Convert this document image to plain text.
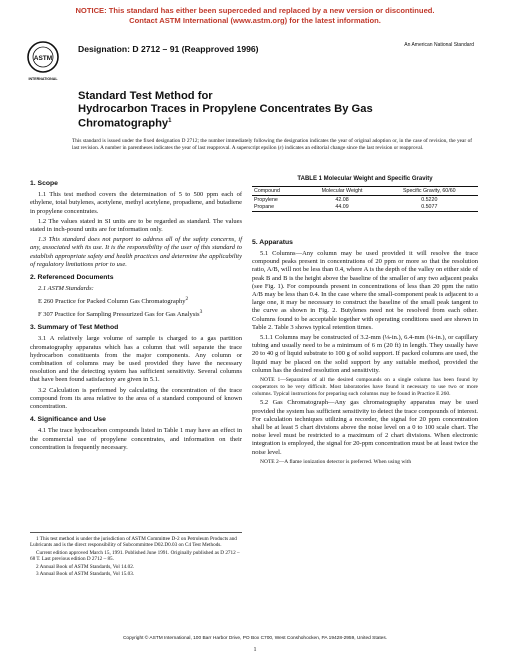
NOTICE: This standard has either been superceded and replaced by a new version or discontinued.
Contact ASTM International (www.astm.org) for the latest information.
ASTM
INTERNATIONAL
Designation: D 2712 – 91 (Reapproved 1996)	An American National Standard
Standard Test Method for
Hydrocarbon Traces in Propylene Concentrates By Gas
Chromatography$^1$
This standard is issued under the fixed designation D 2712; the number immediately following the designation indicates the year of original adoption or, in the case of revision, the year of last revision. A number in parentheses indicates the year of last reapproval. A superscript epsilon (ε) indicates an editorial change since the last revision or reapproval.
1. Scope

1.1 This test method covers the determination of 5 to 500 ppm each of ethylene, total butylenes, acetylene, methyl acetylene, propadiene, and butadiene in propylene concentrates.

1.2 The values stated in SI units are to be regarded as standard. The values stated in inch-pound units are for information only.

1.3 This standard does not purport to address all of the safety concerns, if any, associated with its use. It is the responsibility of the user of this standard to establish appropriate safety and health practices and determine the applicability of regulatory limitations prior to use.

2. Referenced Documents

2.1 ASTM Standards:

E 260 Practice for Packed Column Gas Chromatography$^2$
F 307 Practice for Sampling Pressurized Gas for Gas Analysis$^3$
3. Summary of Test Method

3.1 A relatively large volume of sample is charged to a gas partition chromatography apparatus which has a column that will separate the trace hydrocarbon constituents from the major components. Any column or combination of columns may be used provided they have the necessary resolution and the detecting system has sufficient sensitivity. Several columns that have been found satisfactory are given in 5.1.

3.2 Calculation is performed by calculating the concentration of the trace compound from its area relative to the area of a standard compound of known concentration.

4. Significance and Use

4.1 The trace hydrocarbon compounds listed in Table 1 may have an effect in the commercial use of propylene concentrates, and information on their concentration is frequently necessary.

TABLE 1 Molecular Weight and Specific Gravity
Compound	Molecular Weight	Specific Gravity, 60/60
Propylene	42.08	0.5220
Propane	44.09	0.5077
5. Apparatus

5.1 Columns—Any column may be used provided it will resolve the trace compound peaks present in concentrations of 20 ppm or more so that the resolution ratio, A/B, will not be less than 0.4, where A is the depth of the valley on either side of peak B and B is the height above the baseline of the smaller of any two adjacent peaks (see Fig. 1). For compounds present in concentrations of less than 20 ppm the ratio A/B may be less than 0.4. In the case where the small-component peak is adjacent to a large one, it may be necessary to construct the baseline of the small peak tangent to the curve as shown in Fig. 2. Butylenes need not be resolved from each other. Columns found to be acceptable together with operating conditions used are shown in Table 2. Table 3 shows typical retention times.

5.1.1 Columns may be constructed of 3.2-mm (⅛-in.), 6.4-mm (¼-in.), or capillary tubing and usually need to be a minimum of 6 m (20 ft) in length. They usually have 20 to 40 g of liquid substrate to 100 g of solid support. If packed columns are used, the liquid may be placed on the solid support by any suitable method, provided the column has the desired resolution and sensitivity.

NOTE 1—Separation of all the desired compounds on a single column has been found by cooperators to be very difficult. Most laboratories have found it necessary to use two or more columns. Typical instructions for preparing such columns may be found in Practice E 260.

5.2 Gas Chromatograph—Any gas chromatography apparatus may be used provided the system has sufficient sensitivity to detect the trace compounds of interest. For calculation techniques utilizing a recorder, the signal for 20 ppm concentration shall be at least 5 chart divisions above the noise level on a 0 to 100 scale chart. The noise level must be restricted to a maximum of 2 chart divisions. When electronic integration is employed, the signal for 20-ppm concentration must be at least twice the noise level.

NOTE 2—A flame ionization detector is preferred. When using with

1 This test method is under the jurisdiction of ASTM Committee D-2 on Petroleum Products and Lubricants and is the direct responsibility of Subcommittee D02.D0.03 on C4 Test Methods.
Current edition approved March 15, 1991. Published June 1991. Originally published as D 2712 – 68 T. Last previous edition D 2712 – 85.
2 Annual Book of ASTM Standards, Vol 14.02.
3 Annual Book of ASTM Standards, Vol 15.03.
Copyright © ASTM International, 100 Barr Harbor Drive, PO Box C700, West Conshohocken, PA 19428-2959, United States.
1
